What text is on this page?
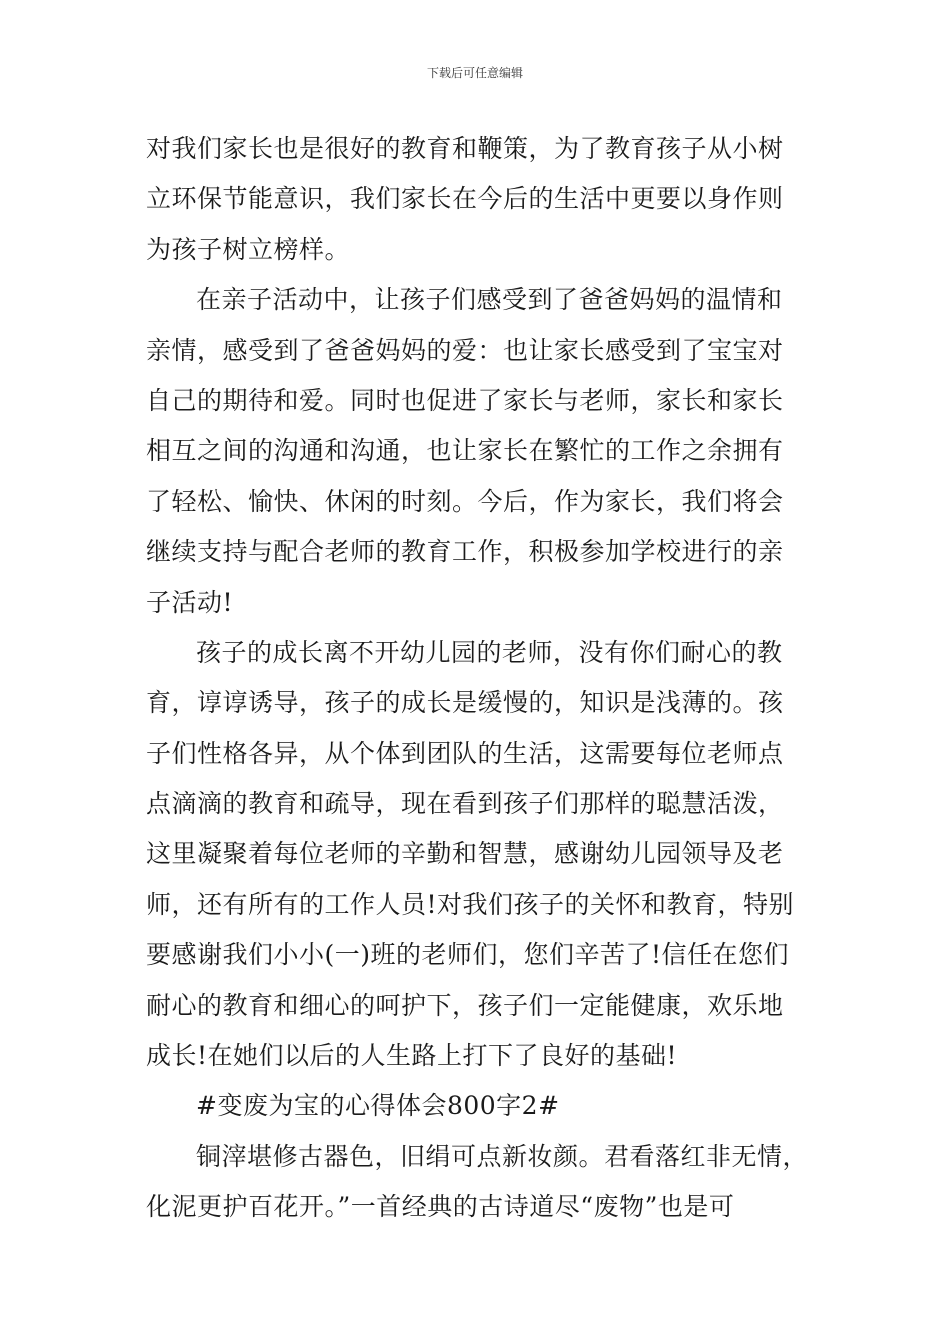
下载后可任意编辑
对我们家长也是很好的教育和鞭策，为了教育孩子从小树
立环保节能意识，我们家长在今后的生活中更要以身作则
为孩子树立榜样。
在亲子活动中，让孩子们感受到了爸爸妈妈的温情和
亲情，感受到了爸爸妈妈的爱：也让家长感受到了宝宝对
自己的期待和爱。同时也促进了家长与老师，家长和家长
相互之间的沟通和沟通，也让家长在繁忙的工作之余拥有
了轻松、愉快、休闲的时刻。今后，作为家长，我们将会
继续支持与配合老师的教育工作，积极参加学校进行的亲
子活动!
孩子的成长离不开幼儿园的老师，没有你们耐心的教
育，谆谆诱导，孩子的成长是缓慢的，知识是浅薄的。孩
子们性格各异，从个体到团队的生活，这需要每位老师点
点滴滴的教育和疏导，现在看到孩子们那样的聪慧活泼，
这里凝聚着每位老师的辛勤和智慧，感谢幼儿园领导及老
师，还有所有的工作人员!对我们孩子的关怀和教育，特别
要感谢我们小小(一)班的老师们，您们辛苦了!信任在您们
耐心的教育和细心的呵护下，孩子们一定能健康，欢乐地
成长!在她们以后的人生路上打下了良好的基础!
#变废为宝的心得体会800字2#
铜滓堪修古器色，旧绢可点新妆颜。君看落红非无情，
化泥更护百花开。”一首经典的古诗道尽“废物”也是可
